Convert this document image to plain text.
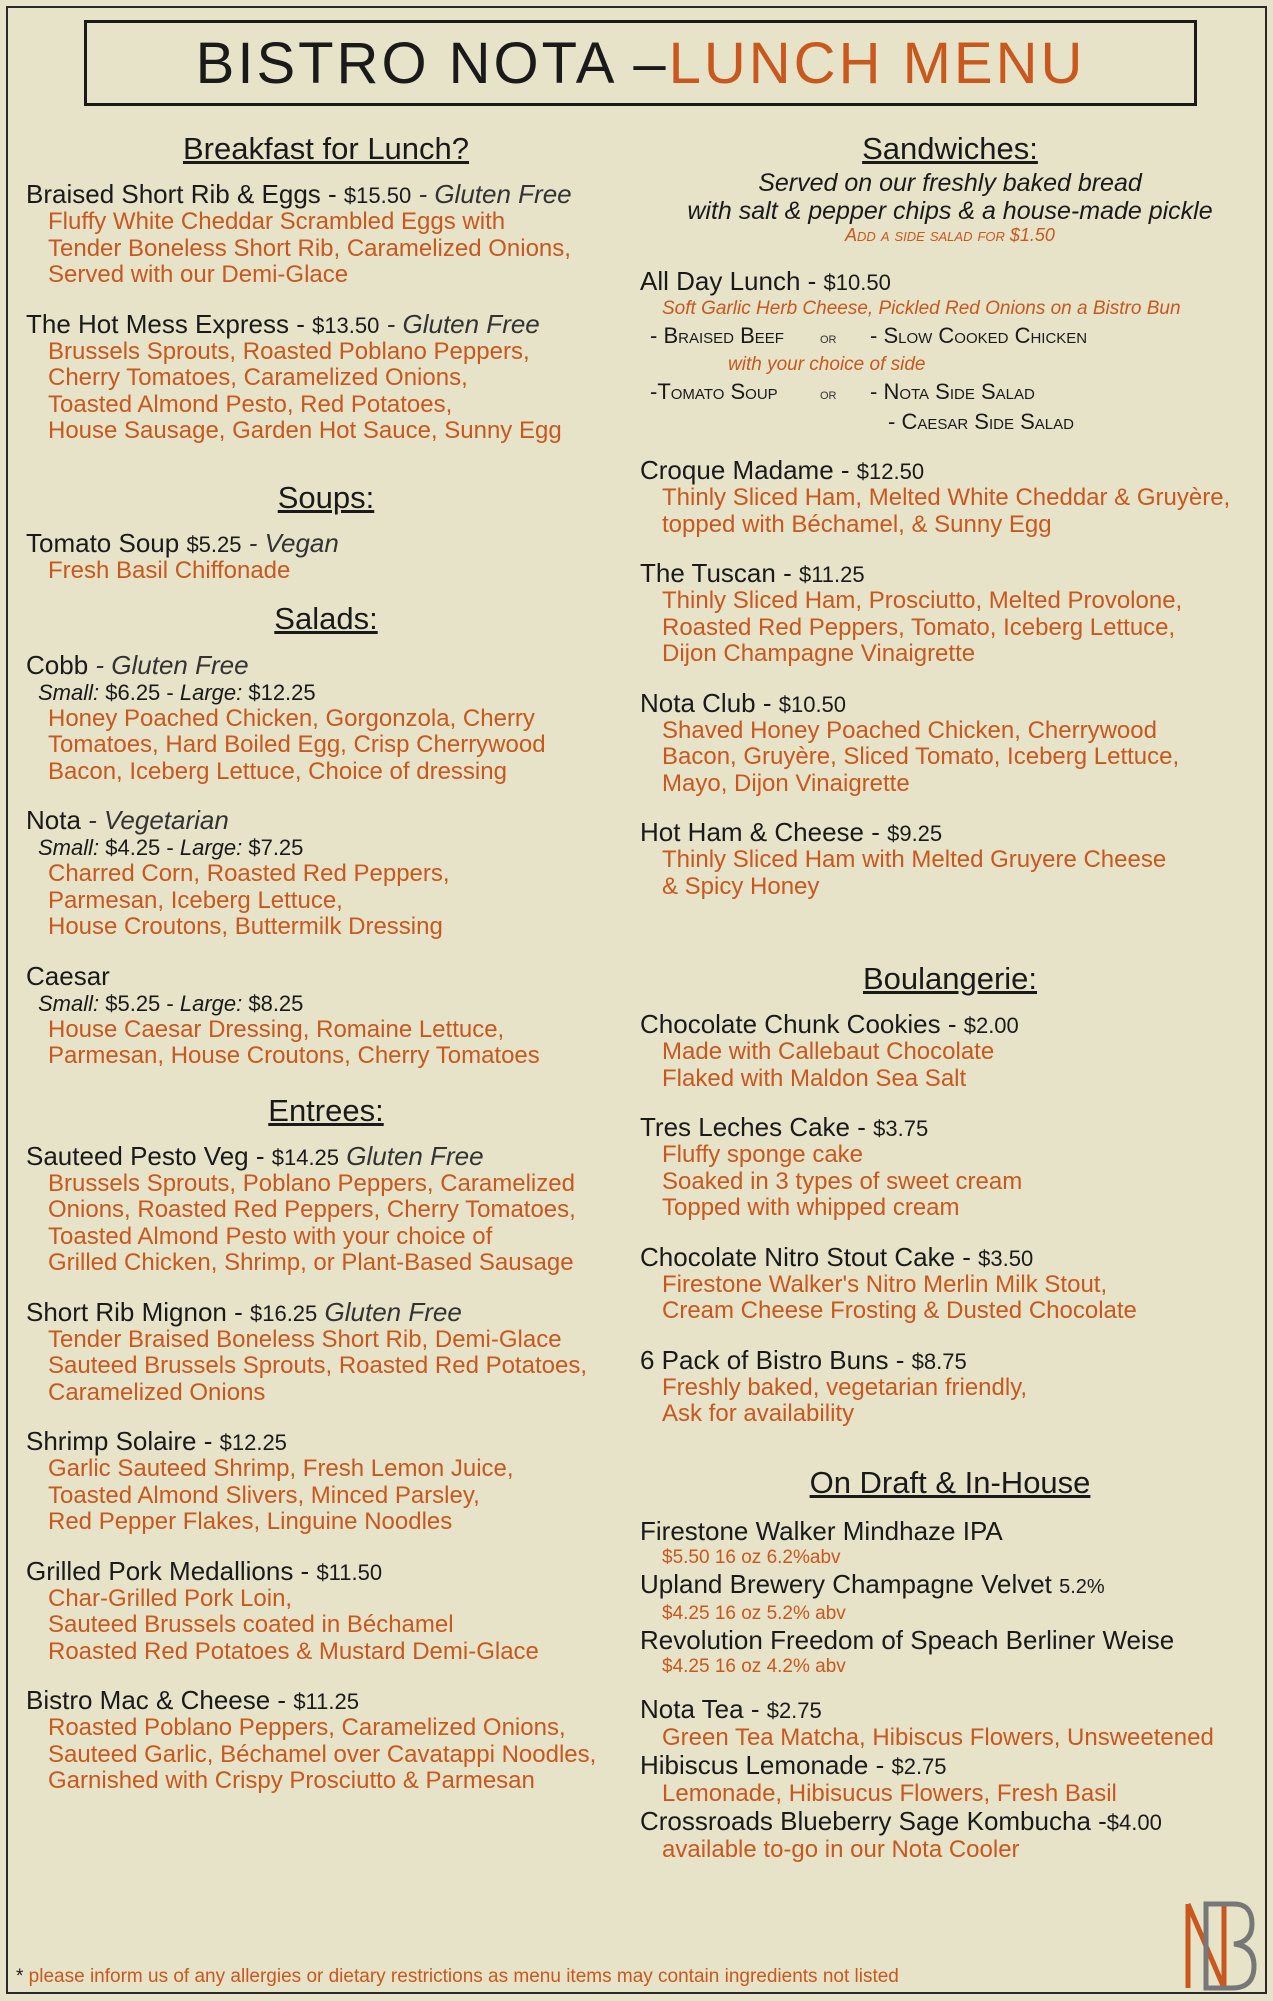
BISTRO NOTA – LUNCH MENU
Breakfast for Lunch?
Braised Short Rib & Eggs - $15.50 - Gluten Free
Fluffy White Cheddar Scrambled Eggs with
Tender Boneless Short Rib, Caramelized Onions,
Served with our Demi-Glace
The Hot Mess Express - $13.50 - Gluten Free
Brussels Sprouts, Roasted Poblano Peppers,
Cherry Tomatoes, Caramelized Onions,
Toasted Almond Pesto, Red Potatoes,
House Sausage, Garden Hot Sauce, Sunny Egg
Soups:
Tomato Soup $5.25 - Vegan
Fresh Basil Chiffonade
Salads:
Cobb - Gluten Free
Small: $6.25 - Large: $12.25
Honey Poached Chicken, Gorgonzola, Cherry
Tomatoes, Hard Boiled Egg, Crisp Cherrywood
Bacon, Iceberg Lettuce, Choice of dressing
Nota - Vegetarian
Small: $4.25 - Large: $7.25
Charred Corn, Roasted Red Peppers,
Parmesan, Iceberg Lettuce,
House Croutons, Buttermilk Dressing
Caesar
Small: $5.25 - Large: $8.25
House Caesar Dressing, Romaine Lettuce,
Parmesan, House Croutons, Cherry Tomatoes
Entrees:
Sauteed Pesto Veg - $14.25 Gluten Free
Brussels Sprouts, Poblano Peppers, Caramelized
Onions, Roasted Red Peppers, Cherry Tomatoes,
Toasted Almond Pesto with your choice of
Grilled Chicken, Shrimp, or Plant-Based Sausage
Short Rib Mignon - $16.25 Gluten Free
Tender Braised Boneless Short Rib, Demi-Glace
Sauteed Brussels Sprouts, Roasted Red Potatoes,
Caramelized Onions
Shrimp Solaire - $12.25
Garlic Sauteed Shrimp, Fresh Lemon Juice,
Toasted Almond Slivers, Minced Parsley,
Red Pepper Flakes, Linguine Noodles
Grilled Pork Medallions - $11.50
Char-Grilled Pork Loin,
Sauteed Brussels coated in Béchamel
Roasted Red Potatoes & Mustard Demi-Glace
Bistro Mac & Cheese - $11.25
Roasted Poblano Peppers, Caramelized Onions,
Sauteed Garlic, Béchamel over Cavatappi Noodles,
Garnished with Crispy Prosciutto & Parmesan
Sandwiches:
Served on our freshly baked bread
with salt & pepper chips & a house-made pickle
Add a side salad for $1.50
All Day Lunch - $10.50
Soft Garlic Herb Cheese, Pickled Red Onions on a Bistro Bun
- Braised Beef or - Slow Cooked Chicken
with your choice of side
-Tomato Soup	or - Nota Side Salad
- Caesar Side Salad
Croque Madame - $12.50
Thinly Sliced Ham, Melted White Cheddar & Gruyère,
topped with Béchamel, & Sunny Egg
The Tuscan - $11.25
Thinly Sliced Ham, Prosciutto, Melted Provolone,
Roasted Red Peppers, Tomato, Iceberg Lettuce,
Dijon Champagne Vinaigrette
Nota Club - $10.50
Shaved Honey Poached Chicken, Cherrywood
Bacon, Gruyère, Sliced Tomato, Iceberg Lettuce,
Mayo, Dijon Vinaigrette
Hot Ham & Cheese - $9.25
Thinly Sliced Ham with Melted Gruyere Cheese
& Spicy Honey
Boulangerie:
Chocolate Chunk Cookies - $2.00
Made with Callebaut Chocolate
Flaked with Maldon Sea Salt
Tres Leches Cake - $3.75
Fluffy sponge cake
Soaked in 3 types of sweet cream
Topped with whipped cream
Chocolate Nitro Stout Cake - $3.50
Firestone Walker's Nitro Merlin Milk Stout,
Cream Cheese Frosting & Dusted Chocolate
6 Pack of Bistro Buns - $8.75
Freshly baked, vegetarian friendly,
Ask for availability
On Draft & In-House
Firestone Walker Mindhaze IPA
$5.50 16 oz 6.2%abv
Upland Brewery Champagne Velvet 5.2%
$4.25 16 oz 5.2% abv
Revolution Freedom of Speach Berliner Weise
$4.25 16 oz 4.2% abv
Nota Tea - $2.75
Green Tea Matcha, Hibiscus Flowers, Unsweetened
Hibiscus Lemonade - $2.75
Lemonade, Hibisucus Flowers, Fresh Basil
Crossroads Blueberry Sage Kombucha -$4.00
available to-go in our Nota Cooler
* please inform us of any allergies or dietary restrictions as menu items may contain ingredients not listed
